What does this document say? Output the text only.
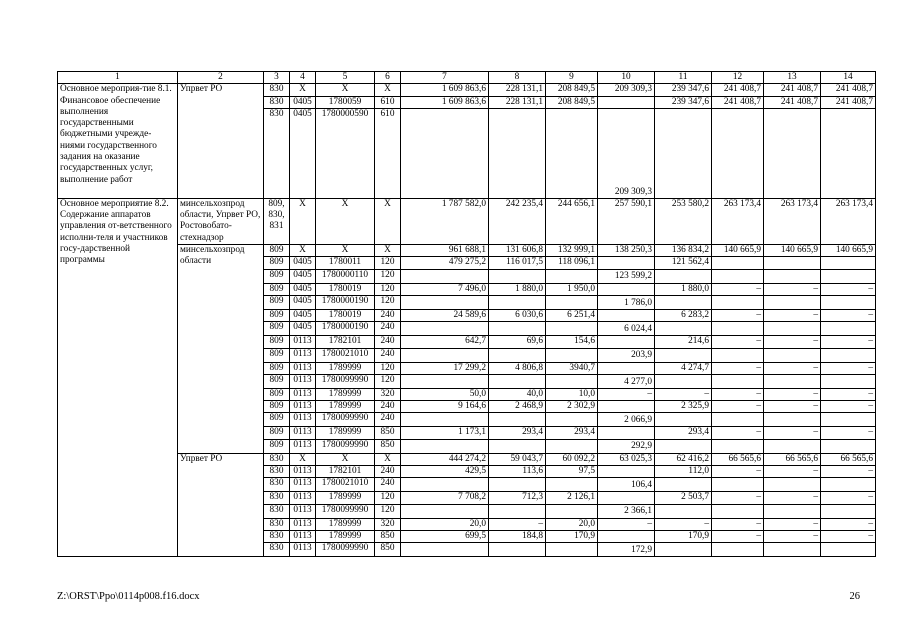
1	2	3	4	5	6	7	8	9	10	11	12	13	14
Основное мероприя-тие 8.1. Финансовое обеспечение выполнения государственными бюджетными учрежде-ниями государственного задания на оказание государственных услуг, выполнение работ	Упрвет РО	830	Х	Х	Х	1 609 863,6	228 131,1	208 849,5	209 309,3	239 347,6	241 408,7	241 408,7	241 408,7
		830	0405	1780059	610	1 609 863,6	228 131,1	208 849,5		239 347,6	241 408,7	241 408,7	241 408,7
		830	0405	1780000590	610				209 309,3				
Основное мероприятие 8.2. Содержание аппаратов управления от-ветственного исполни-теля и участников госу-дарственной программы	минсельхозпрод области, Упрвет РО, Ростовобато-стехнадзор	809,
830,
831	Х	Х	Х	1 787 582,0	242 235,4	244 656,1	257 590,1	253 580,2	263 173,4	263 173,4	263 173,4
	минсельхозпрод области	809	Х	Х	Х	961 688,1	131 606,8	132 999,1	138 250,3	136 834,2	140 665,9	140 665,9	140 665,9
		809	0405	1780011	120	479 275,2	116 017,5	118 096,1		121 562,4			
		809	0405	1780000110	120				123 599,2				
		809	0405	1780019	120	7 496,0	1 880,0	1 950,0		1 880,0	–	–	–
		809	0405	1780000190	120				1 786,0				
		809	0405	1780019	240	24 589,6	6 030,6	6 251,4		6 283,2	–	–	–
		809	0405	1780000190	240				6 024,4				
		809	0113	1782101	240	642,7	69,6	154,6		214,6	–	–	–
		809	0113	1780021010	240				203,9				
		809	0113	1789999	120	17 299,2	4 806,8	3940,7		4 274,7	–	–	–
		809	0113	1780099990	120				4 277,0				
		809	0113	1789999	320	50,0	40,0	10,0	–	–	–	–	–
		809	0113	1789999	240	9 164,6	2 468,9	2 302,9		2 325,9	–	–	–
		809	0113	1780099990	240				2 066,9				
		809	0113	1789999	850	1 173,1	293,4	293,4		293,4	–	–	–
		809	0113	1780099990	850				292,9				
	Упрвет РО	830	Х	Х	Х	444 274,2	59 043,7	60 092,2	63 025,3	62 416,2	66 565,6	66 565,6	66 565,6
		830	0113	1782101	240	429,5	113,6	97,5		112,0	–	–	–
		830	0113	1780021010	240				106,4				
		830	0113	1789999	120	7 708,2	712,3	2 126,1		2 503,7	–	–	–
		830	0113	1780099990	120				2 366,1				
		830	0113	1789999	320	20,0	–	20,0	–	–	–	–	–
		830	0113	1789999	850	699,5	184,8	170,9		170,9	–	–	–
		830	0113	1780099990	850				172,9				
Z:\ORST\Ppo\0114p008.f16.docx	26
